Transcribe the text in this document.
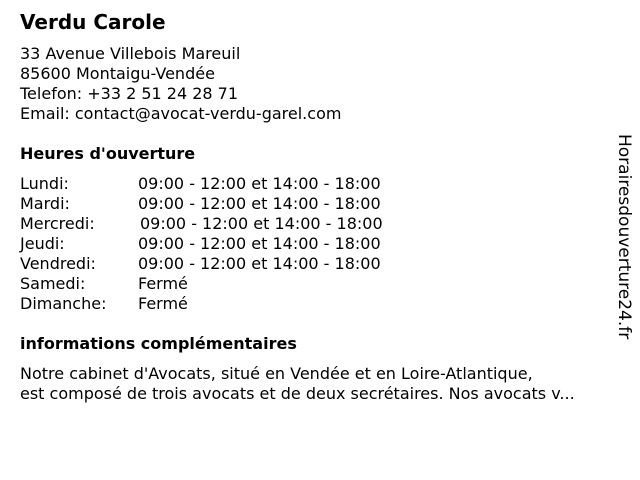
Verdu Carole
33 Avenue Villebois Mareuil
85600 Montaigu-Vendée
Telefon: +33 2 51 24 28 71
Email: contact@avocat-verdu-garel.com
Heures d'ouverture
Lundi:	09:00 - 12:00 et 14:00 - 18:00
Mardi:	09:00 - 12:00 et 14:00 - 18:00
Mercredi:	09:00 - 12:00 et 14:00 - 18:00
Jeudi:	09:00 - 12:00 et 14:00 - 18:00
Vendredi:	09:00 - 12:00 et 14:00 - 18:00
Samedi:	Fermé
Dimanche: Fermé
informations complémentaires
Notre cabinet d'Avocats, situé en Vendée et en Loire-Atlantique,
est composé de trois avocats et de deux secrétaires. Nos avocats v...
Horairesdouverture24.fr
